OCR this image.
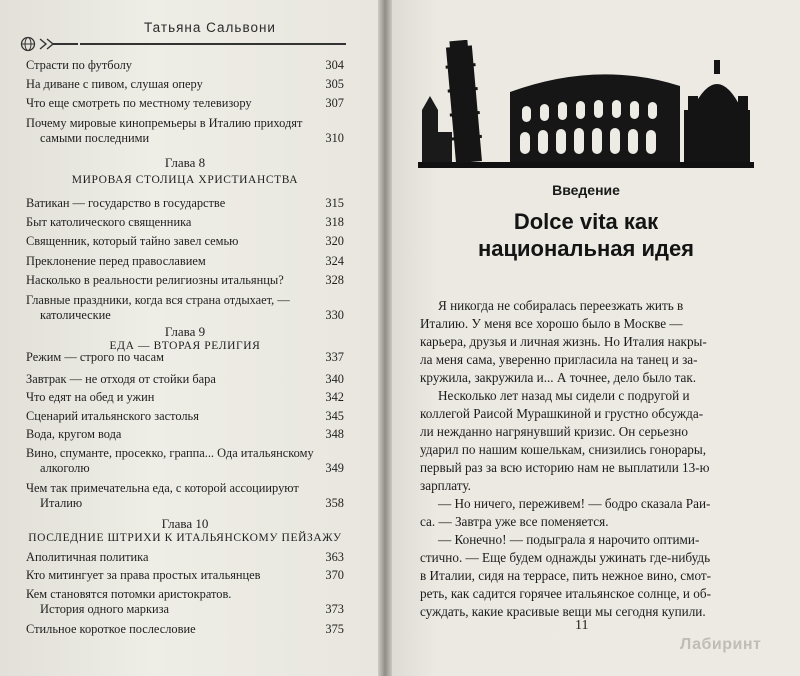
Татьяна Сальвони
Страсти по футболу	304
На диване с пивом, слушая оперу	305
Что еще смотреть по местному телевизору	307
Почему мировые кинопремьеры в Италию приходят
самыми последними	310
Глава 8
МИРОВАЯ СТОЛИЦА ХРИСТИАНСТВА
Ватикан — государство в государстве	315
Быт католического священника	318
Священник, который тайно завел семью	320
Преклонение перед православием	324
Насколько в реальности религиозны итальянцы?	328
Главные праздники, когда вся страна отдыхает, —
католические	330
Глава 9
ЕДА — ВТОРАЯ РЕЛИГИЯ
Режим — строго по часам	337
Завтрак — не отходя от стойки бара	340
Что едят на обед и ужин	342
Сценарий итальянского застолья	345
Вода, кругом вода	348
Вино, спуманте, просекко, граппа... Ода итальянскому
алкоголю	349
Чем так примечательна еда, с которой ассоциируют
Италию	358
Глава 10
ПОСЛЕДНИЕ ШТРИХИ К ИТАЛЬЯНСКОМУ ПЕЙЗАЖУ
Аполитичная политика	363
Кто митингует за права простых итальянцев	370
Кем становятся потомки аристократов.
История одного маркиза	373
Стильное короткое послесловие	375
Введение
Dolce vita как
национальная идея
11
Лабиринт
Я никогда не собиралась переезжать жить в
Италию. У меня все хорошо было в Москве —
карьера, друзья и личная жизнь. Но Италия накры-
ла меня сама, уверенно пригласила на танец и за-
кружила, закружила и... А точнее, дело было так.
Несколько лет назад мы сидели с подругой и
коллегой Раисой Мурашкиной и грустно обсужда-
ли нежданно нагрянувший кризис. Он серьезно
ударил по нашим кошелькам, снизились гонорары,
первый раз за всю историю нам не выплатили 13-ю
зарплату.
— Но ничего, переживем! — бодро сказала Раи-
са. — Завтра уже все поменяется.
— Конечно! — подыграла я нарочито оптими-
стично. — Еще будем однажды ужинать где-нибудь
в Италии, сидя на террасе, пить нежное вино, смот-
реть, как садится горячее итальянское солнце, и об-
суждать, какие красивые вещи мы сегодня купили.
